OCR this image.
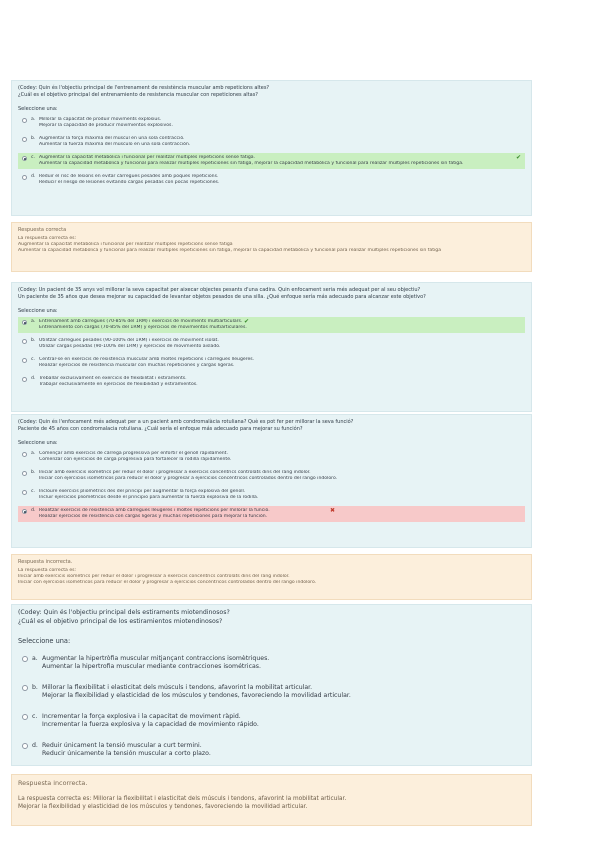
(Codey: Quin és l'objectiu principal de l'entrenament de resistència muscular amb repeticions altes?
¿Cuál es el objetivo principal del entrenamiento de resistencia muscular con repeticiones altas?

Seleccione una:
a. Millorar la capacitat de produir moviments explosius.
Mejorar la capacidad de producir movimientos explosivos.
b. Augmentar la força màxima del múscul en una sola contracció.
Aumentar la fuerza máxima del músculo en una sola contracción.
c. Augmentar la capacitat metabòlica i funcional per realitzar múltiples repeticions sense fatiga.
Aumentar la capacidad metabólica y funcional para realizar múltiples repeticiones sin fatiga, mejorar la capacidad metabólica y funcional para realizar múltiples repeticiones sin fatiga.
✔
d. Reduir el risc de lesions en evitar càrregues pesades amb poques repeticions.
Reducir el riesgo de lesiones evitando cargas pesadas con pocas repeticiones.

Respuesta correcta

La respuesta correcta es:

Augmentar la capacitat metabòlica i funcional per realitzar múltiples repeticions sense fatiga

Aumentar la capacidad metabólica y funcional para realizar múltiples repeticiones sin fatiga, mejorar la capacidad metabólica y funcional para realizar múltiples repeticiones sin fatiga

(Codey: Un pacient de 35 anys vol millorar la seva capacitat per aixecar objectes pesants d'una cadira. Quin enfocament seria més adequat per al seu objectiu?
Un paciente de 35 años que desea mejorar su capacidad de levantar objetos pesados de una silla. ¿Qué enfoque sería más adecuado para alcanzar este objetivo?

Seleccione una:
a. Entrenament amb càrregues (70-85% del 1RM) i exercicis de moviments multiarticulars.
Entrenamiento con cargas (70-85% del 1RM) y ejercicios de movimientos multiarticulares.
✔
b. Utilitzar càrregues pesades (90-100% del 1RM) i exercicis de moviment isolat.
Utilizar cargas pesadas (90-100% del 1RM) y ejercicios de movimiento aislado.
c. Centrar-se en exercicis de resistència muscular amb moltes repeticions i càrregues lleugeres.
Realizar ejercicios de resistencia muscular con muchas repeticiones y cargas ligeras.
d. Treballar exclusivament en exercicis de flexibilitat i estiraments.
Trabajar exclusivamente en ejercicios de flexibilidad y estiramientos.

(Codey: Quin és l'enfocament més adequat per a un pacient amb condromalàcia rotuliana? Què es pot fer per millorar la seva funció?
Paciente de 45 años con condromalacia rotuliana. ¿Cuál sería el enfoque más adecuado para mejorar su función?

Seleccione una:
a. Començar amb exercicis de càrrega progressiva per enfortir el genoll ràpidament.
Comenzar con ejercicios de carga progresiva para fortalecer la rodilla rápidamente.
b. Iniciar amb exercicis isomètrics per reduir el dolor i progressar a exercicis concèntrics controlats dins del rang indolor.
Iniciar con ejercicios isométricos para reducir el dolor y progresar a ejercicios concéntricos controlados dentro del rango indoloro.
c. Incloure exercicis pliomètrics des del principi per augmentar la força explosiva del genoll.
Incluir ejercicios pliométricos desde el principio para aumentar la fuerza explosiva de la rodilla.
d. Realitzar exercicis de resistència amb càrregues lleugeres i moltes repeticions per millorar la funció.
Realizar ejercicios de resistencia con cargas ligeras y muchas repeticiones para mejorar la función.
✖

Respuesta incorrecta.

La respuesta correcta es:

Iniciar amb exercicis isomètrics per reduir el dolor i progressar a exercicis concèntrics controlats dins del rang indolor.

Iniciar con ejercicios isométricos para reducir el dolor y progresar a ejercicios concéntricos controlados dentro del rango indoloro.

(Codey: Quin és l'objectiu principal dels estiraments miotendinosos?
¿Cuál es el objetivo principal de los estiramientos miotendinosos?

Seleccione una:
a. Augmentar la hipertròfia muscular mitjançant contraccions isomètriques.
Aumentar la hipertrofia muscular mediante contracciones isométricas.
b. Millorar la flexibilitat i elasticitat dels músculs i tendons, afavorint la mobilitat articular.
Mejorar la flexibilidad y elasticidad de los músculos y tendones, favoreciendo la movilidad articular.
c. Incrementar la força explosiva i la capacitat de moviment ràpid.
Incrementar la fuerza explosiva y la capacidad de movimiento rápido.
d. Reduir únicament la tensió muscular a curt termini.
Reducir únicamente la tensión muscular a corto plazo.

Respuesta incorrecta.

La respuesta correcta es: Millorar la flexibilitat i elasticitat dels músculs i tendons, afavorint la mobilitat articular.

Mejorar la flexibilidad y elasticidad de los músculos y tendones, favoreciendo la movilidad articular.
